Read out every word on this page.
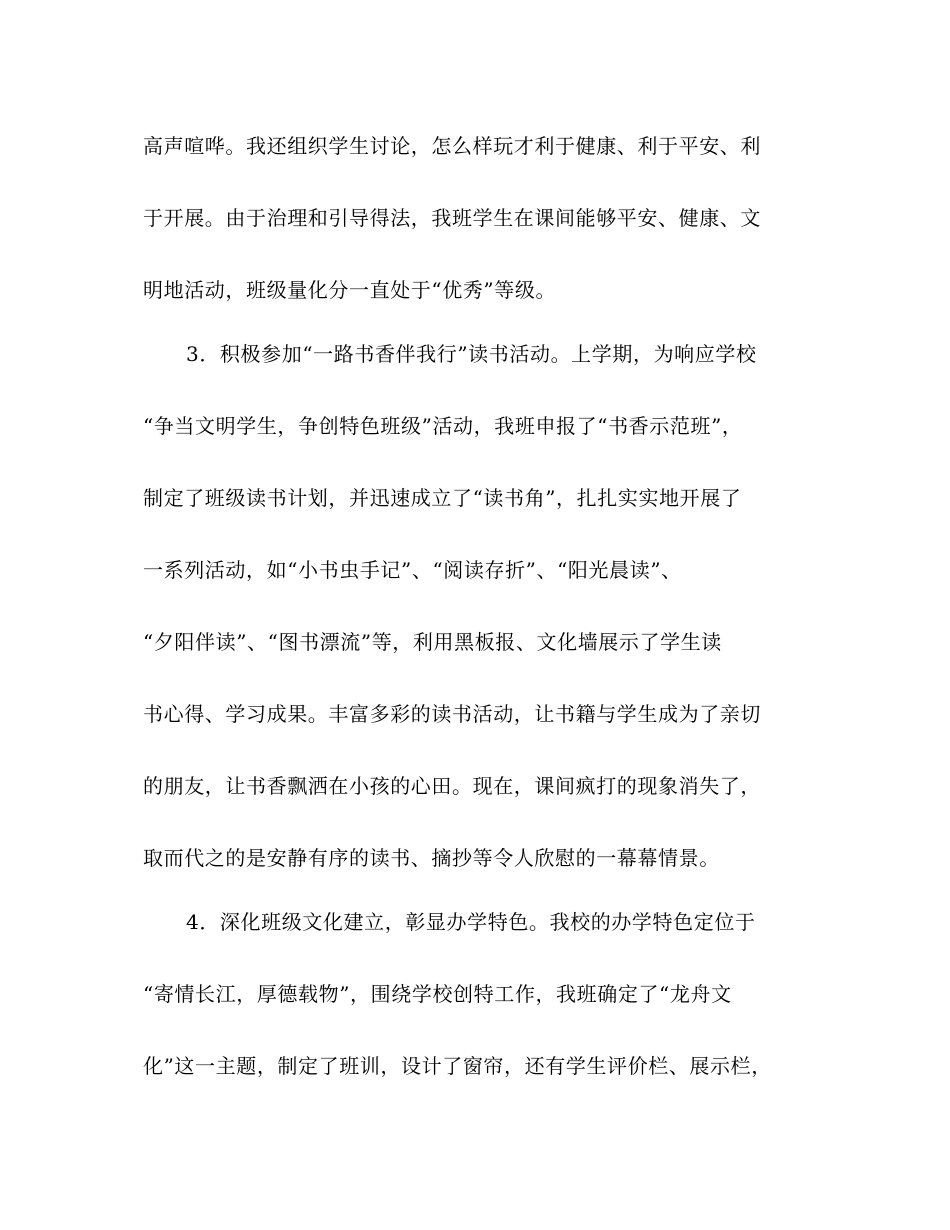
高声喧哗。我还组织学生讨论，怎么样玩才利于健康、利于平安、利
于开展。由于治理和引导得法，我班学生在课间能够平安、健康、文
明地活动，班级量化分一直处于“优秀”等级。
3．积极参加“一路书香伴我行”读书活动。上学期，为响应学校
“争当文明学生，争创特色班级”活动，我班申报了“书香示范班”，
制定了班级读书计划，并迅速成立了“读书角”，扎扎实实地开展了
一系列活动，如“小书虫手记”、“阅读存折”、“阳光晨读”、
“夕阳伴读”、“图书漂流”等，利用黑板报、文化墙展示了学生读
书心得、学习成果。丰富多彩的读书活动，让书籍与学生成为了亲切
的朋友，让书香飘洒在小孩的心田。现在，课间疯打的现象消失了，
取而代之的是安静有序的读书、摘抄等令人欣慰的一幕幕情景。
4．深化班级文化建立，彰显办学特色。我校的办学特色定位于
“寄情长江，厚德载物”，围绕学校创特工作，我班确定了“龙舟文
化”这一主题，制定了班训，设计了窗帘，还有学生评价栏、展示栏，
